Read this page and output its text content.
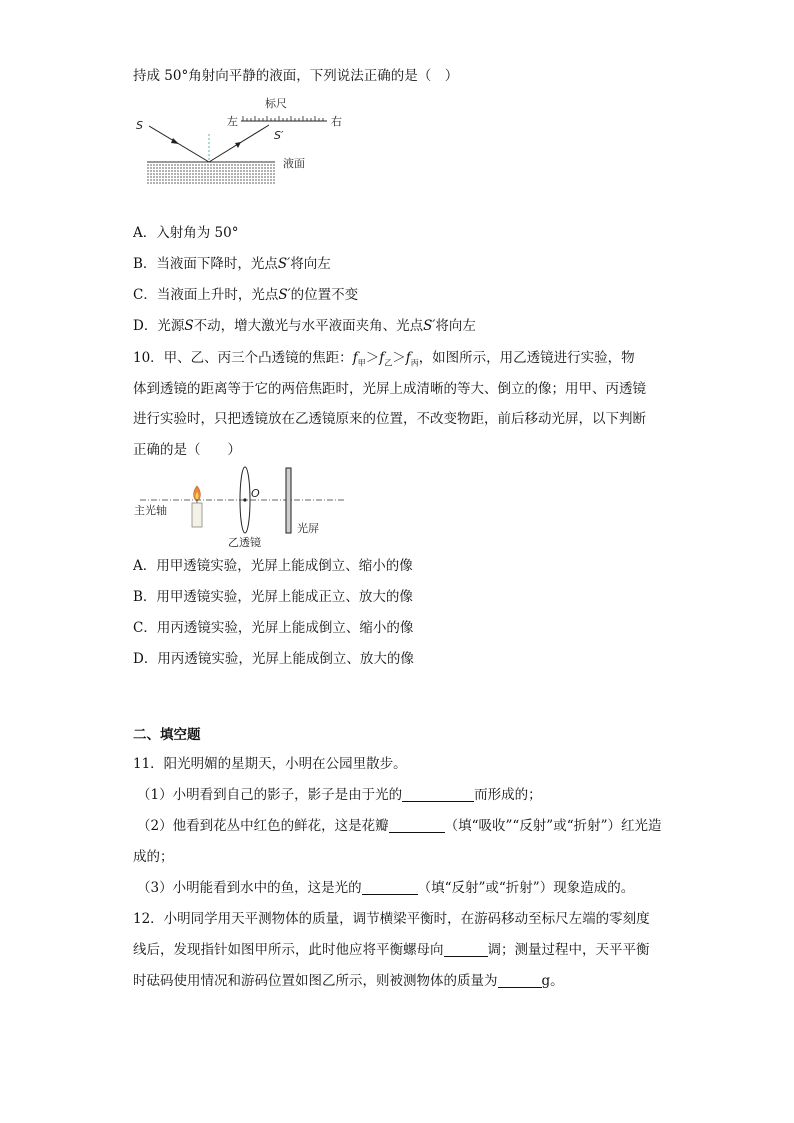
持成 50°角射向平静的液面，下列说法正确的是（　）
标尺
左	右
S
S′
液面
A．入射角为 50°
B．当液面下降时，光点S′将向左
C．当液面上升时，光点S′的位置不变
D．光源S不动，增大激光与水平液面夹角、光点S′将向左
10．甲、乙、丙三个凸透镜的焦距：$f_甲>f_乙>f_丙$，如图所示，用乙透镜进行实验，物
体到透镜的距离等于它的两倍焦距时，光屏上成清晰的等大、倒立的像；用甲、丙透镜
进行实验时，只把透镜放在乙透镜原来的位置，不改变物距，前后移动光屏，以下判断
正确的是（　　）
主光轴
O
乙透镜
光屏
A．用甲透镜实验，光屏上能成倒立、缩小的像
B．用甲透镜实验，光屏上能成正立、放大的像
C．用丙透镜实验，光屏上能成倒立、缩小的像
D．用丙透镜实验，光屏上能成倒立、放大的像
二、填空题
11．阳光明媚的星期天，小明在公园里散步。
（1）小明看到自己的影子，影子是由于光的	而形成的；
（2）他看到花丛中红色的鲜花，这是花瓣	（填“吸收”“反射”或“折射”）红光造
成的；
（3）小明能看到水中的鱼，这是光的	（填“反射”或“折射”）现象造成的。
12．小明同学用天平测物体的质量，调节横梁平衡时，在游码移动至标尺左端的零刻度
线后，发现指针如图甲所示，此时他应将平衡螺母向	调；测量过程中，天平平衡
时砝码使用情况和游码位置如图乙所示，则被测物体的质量为	g。
